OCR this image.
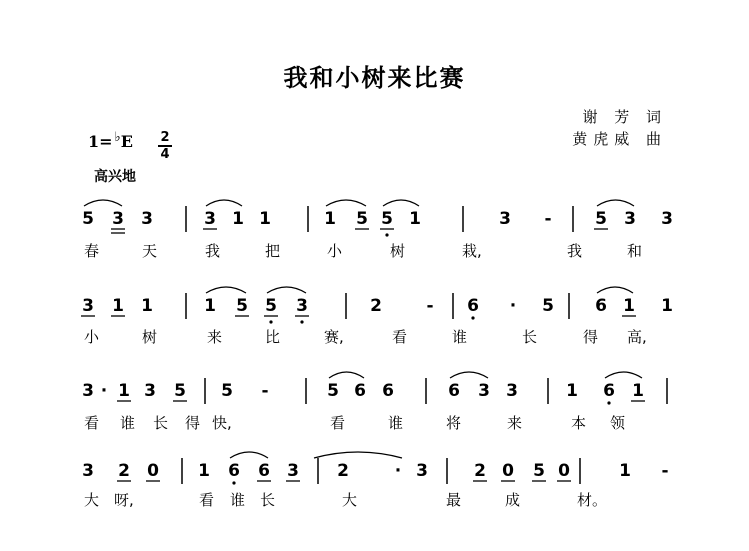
我和小树来比赛
谢 芳 词
黄虎威 曲
1= ♭E 2
4
高兴地
5 3 3	3 1 1	1 5 5 1	3 -	5 3 3
春	天	我	把	小	树	栽,	我	和
3 1 1	1 5 5 3	2	- 6 · 5 6 1 1
小	树	来	比	赛,	看	谁	长	得 高,
3 · 1 3 5 5 -	5 6 6	6 3 3	1 6 1
看 谁 长 得 快,	看	谁	将	来	本 领
3 2 0 1 6 6 3 2	· 3	2 0 5 0	1 -
大 呀,	看 谁 长	大	最	成	材。
